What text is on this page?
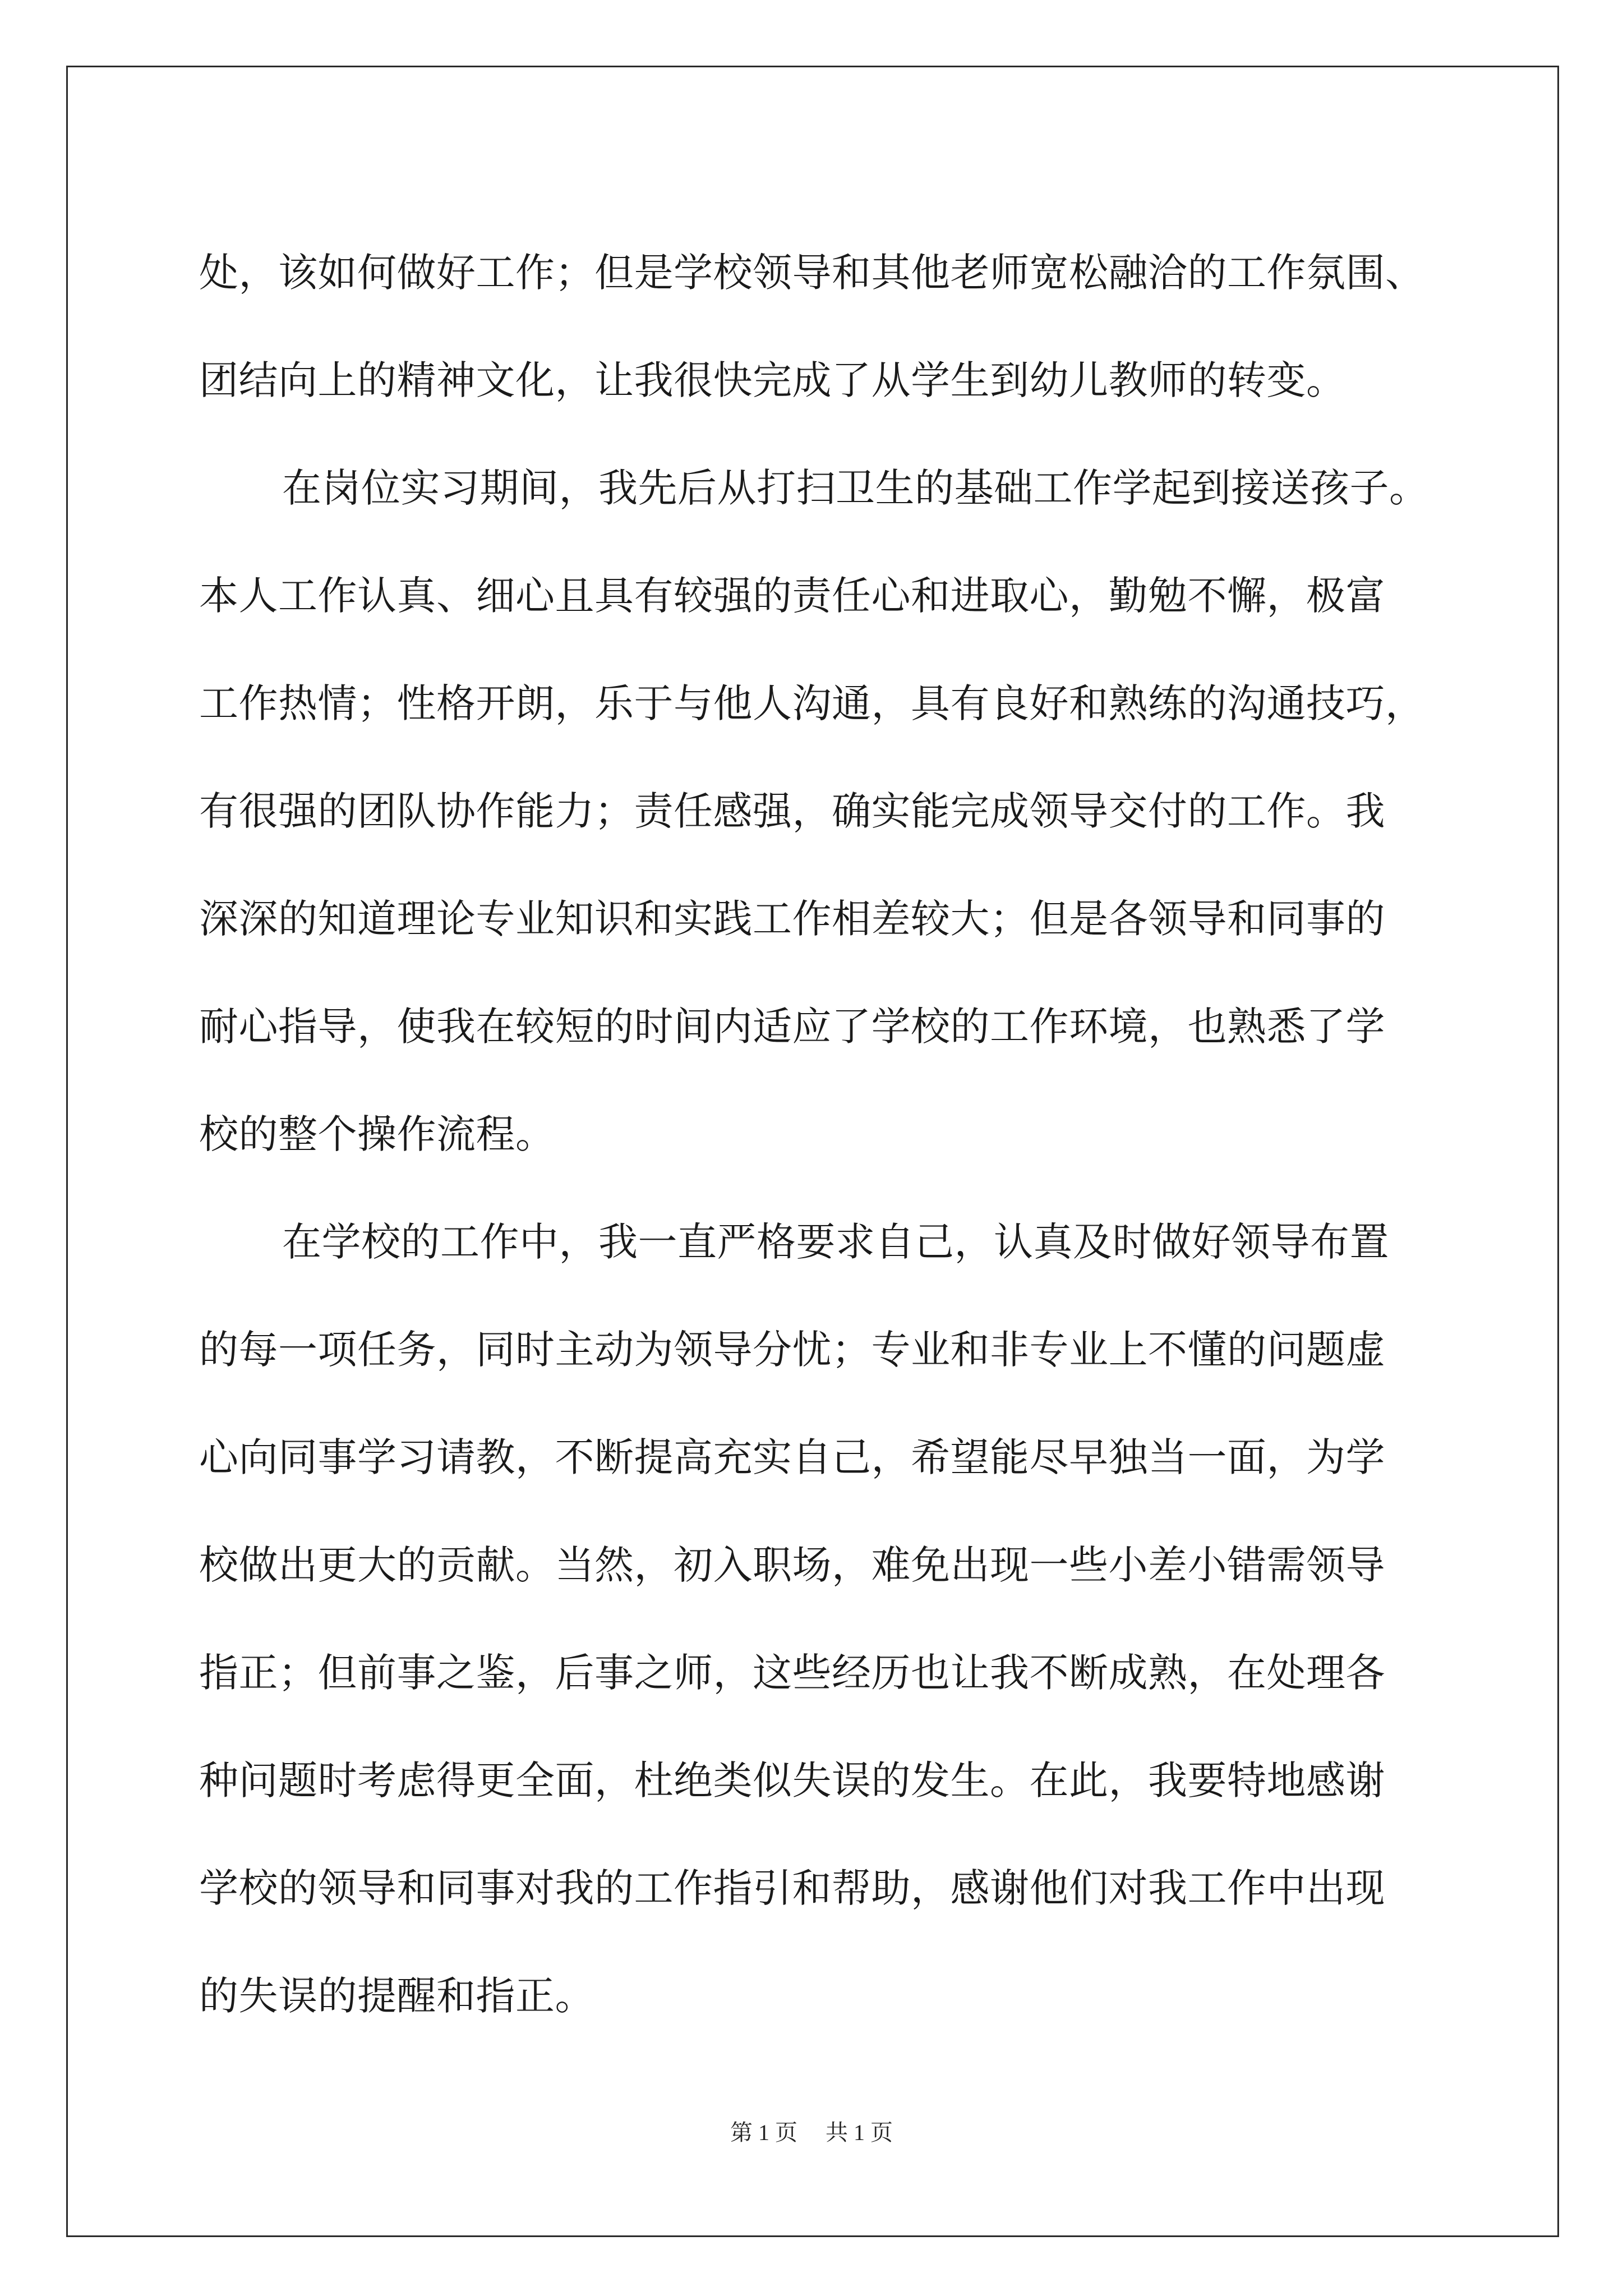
处，该如何做好工作；但是学校领导和其他老师宽松融洽的工作氛围、
团结向上的精神文化，让我很快完成了从学生到幼儿教师的转变。
在岗位实习期间，我先后从打扫卫生的基础工作学起到接送孩子。
本人工作认真、细心且具有较强的责任心和进取心，勤勉不懈，极富
工作热情；性格开朗，乐于与他人沟通，具有良好和熟练的沟通技巧，
有很强的团队协作能力；责任感强，确实能完成领导交付的工作。我
深深的知道理论专业知识和实践工作相差较大；但是各领导和同事的
耐心指导，使我在较短的时间内适应了学校的工作环境，也熟悉了学
校的整个操作流程。
在学校的工作中，我一直严格要求自己，认真及时做好领导布置
的每一项任务，同时主动为领导分忧；专业和非专业上不懂的问题虚
心向同事学习请教，不断提高充实自己，希望能尽早独当一面，为学
校做出更大的贡献。当然，初入职场，难免出现一些小差小错需领导
指正；但前事之鉴，后事之师，这些经历也让我不断成熟，在处理各
种问题时考虑得更全面，杜绝类似失误的发生。在此，我要特地感谢
学校的领导和同事对我的工作指引和帮助，感谢他们对我工作中出现
的失误的提醒和指正。
第 1 页 共 1 页
